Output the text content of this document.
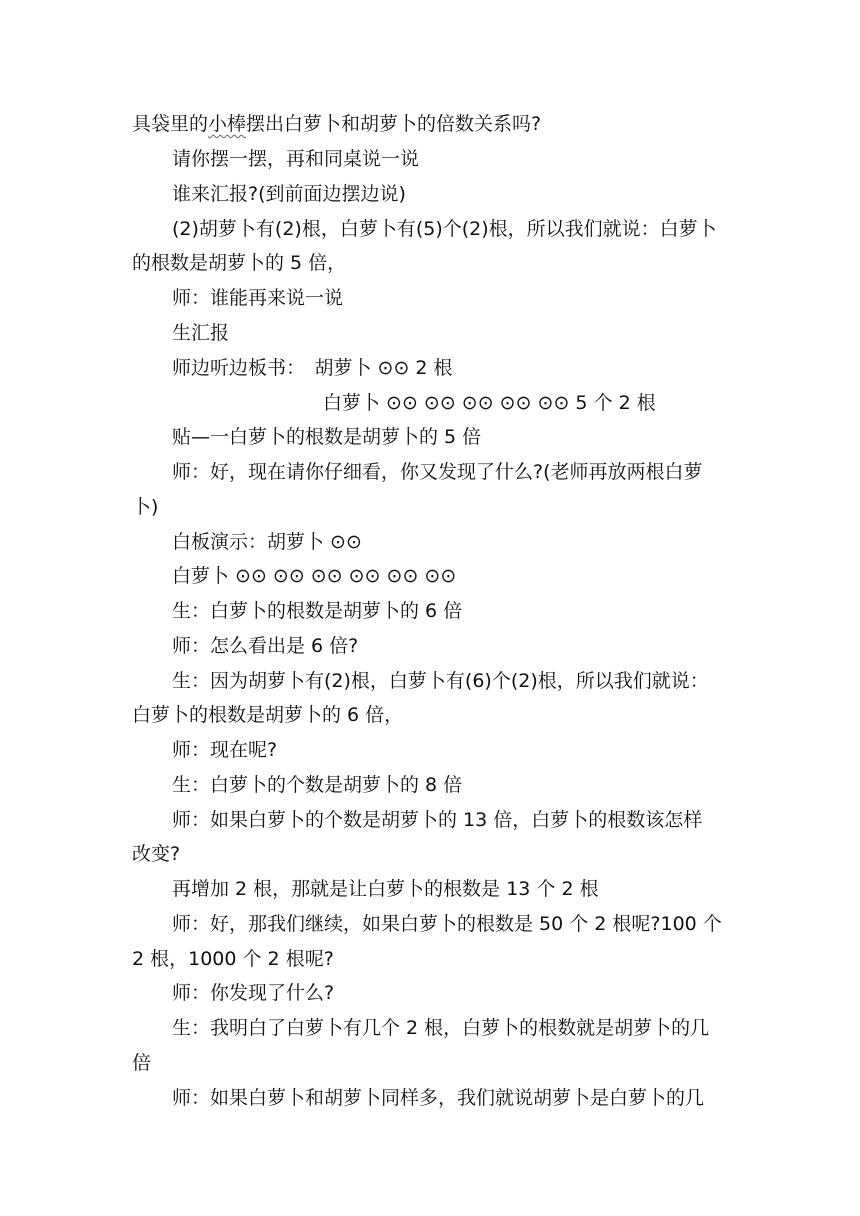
具袋里的小棒摆出白萝卜和胡萝卜的倍数关系吗?
请你摆一摆，再和同桌说一说
谁来汇报?(到前面边摆边说)
(2)胡萝卜有(2)根，白萝卜有(5)个(2)根，所以我们就说：白萝卜
的根数是胡萝卜的 5 倍，
师：谁能再来说一说
生汇报
师边听边板书：　胡萝卜 ⊙⊙ 2 根
白萝卜 ⊙⊙ ⊙⊙ ⊙⊙ ⊙⊙ ⊙⊙ 5 个 2 根
贴—一白萝卜的根数是胡萝卜的 5 倍
师：好，现在请你仔细看，你又发现了什么?(老师再放两根白萝
卜)
白板演示：胡萝卜 ⊙⊙
白萝卜 ⊙⊙ ⊙⊙ ⊙⊙ ⊙⊙ ⊙⊙ ⊙⊙
生：白萝卜的根数是胡萝卜的 6 倍
师：怎么看出是 6 倍?
生：因为胡萝卜有(2)根，白萝卜有(6)个(2)根，所以我们就说：
白萝卜的根数是胡萝卜的 6 倍，
师：现在呢?
生：白萝卜的个数是胡萝卜的 8 倍
师：如果白萝卜的个数是胡萝卜的 13 倍，白萝卜的根数该怎样
改变?
再增加 2 根，那就是让白萝卜的根数是 13 个 2 根
师：好，那我们继续，如果白萝卜的根数是 50 个 2 根呢?100 个
2 根，1000 个 2 根呢?
师：你发现了什么?
生：我明白了白萝卜有几个 2 根，白萝卜的根数就是胡萝卜的几
倍
师：如果白萝卜和胡萝卜同样多，我们就说胡萝卜是白萝卜的几
